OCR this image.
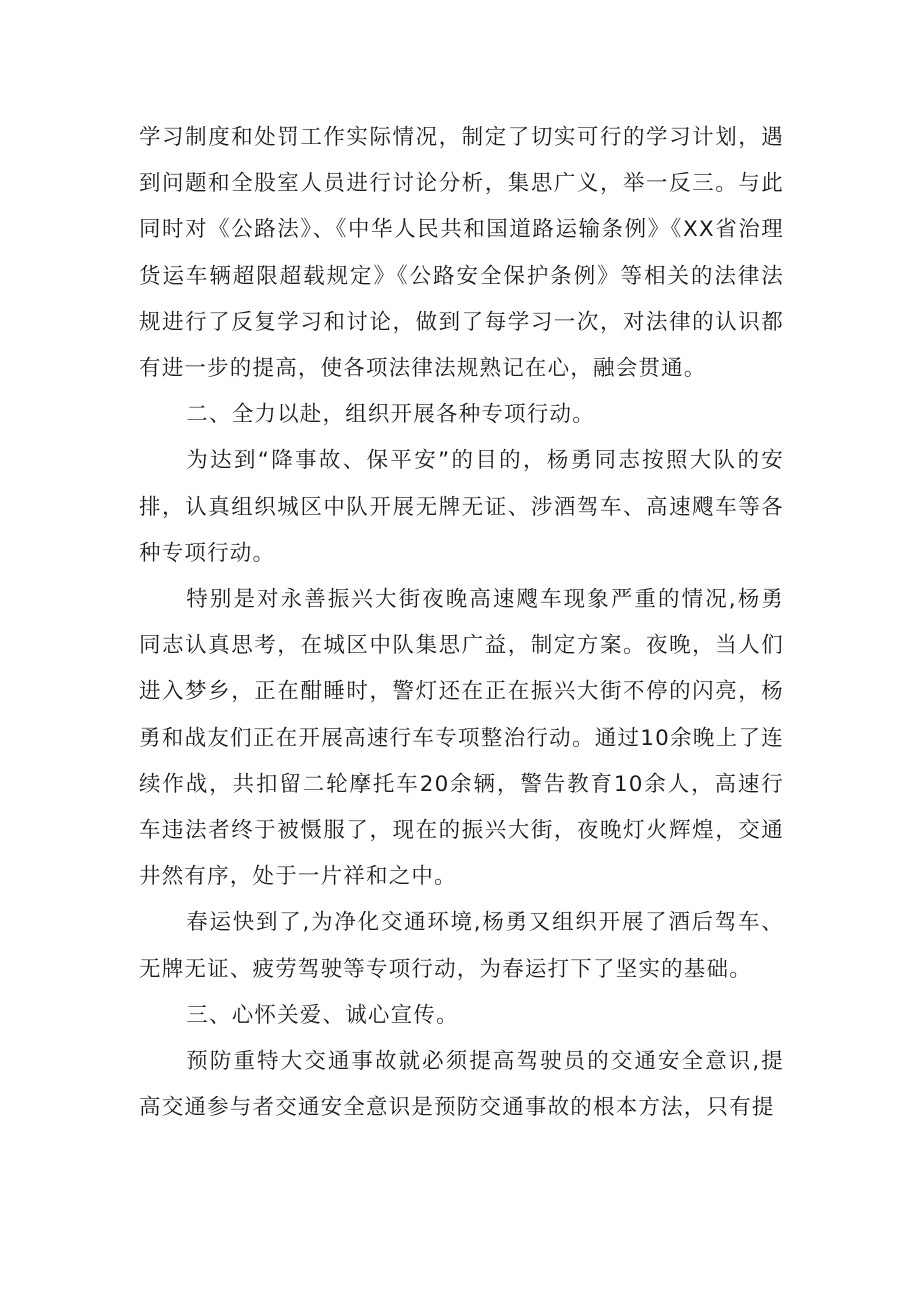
学习制度和处罚工作实际情况，制定了切实可行的学习计划，遇到问题和全股室人员进行讨论分析，集思广义，举一反三。与此同时对《公路法》、《中华人民共和国道路运输条例》《XX省治理货运车辆超限超载规定》《公路安全保护条例》等相关的法律法规进行了反复学习和讨论，做到了每学习一次，对法律的认识都有进一步的提高，使各项法律法规熟记在心，融会贯通。

二、全力以赴，组织开展各种专项行动。

为达到“降事故、保平安”的目的，杨勇同志按照大队的安排，认真组织城区中队开展无牌无证、涉酒驾车、高速飕车等各种专项行动。

特别是对永善振兴大街夜晚高速飕车现象严重的情况,杨勇同志认真思考，在城区中队集思广益，制定方案。夜晚，当人们进入梦乡，正在酣睡时，警灯还在正在振兴大街不停的闪亮，杨勇和战友们正在开展高速行车专项整治行动。通过10余晚上了连续作战，共扣留二轮摩托车20余辆，警告教育10余人，高速行车违法者终于被慑服了，现在的振兴大街，夜晚灯火辉煌，交通井然有序，处于一片祥和之中。

春运快到了,为净化交通环境,杨勇又组织开展了酒后驾车、无牌无证、疲劳驾驶等专项行动，为春运打下了坚实的基础。

三、心怀关爱、诚心宣传。

预防重特大交通事故就必须提高驾驶员的交通安全意识,提高交通参与者交通安全意识是预防交通事故的根本方法，只有提
